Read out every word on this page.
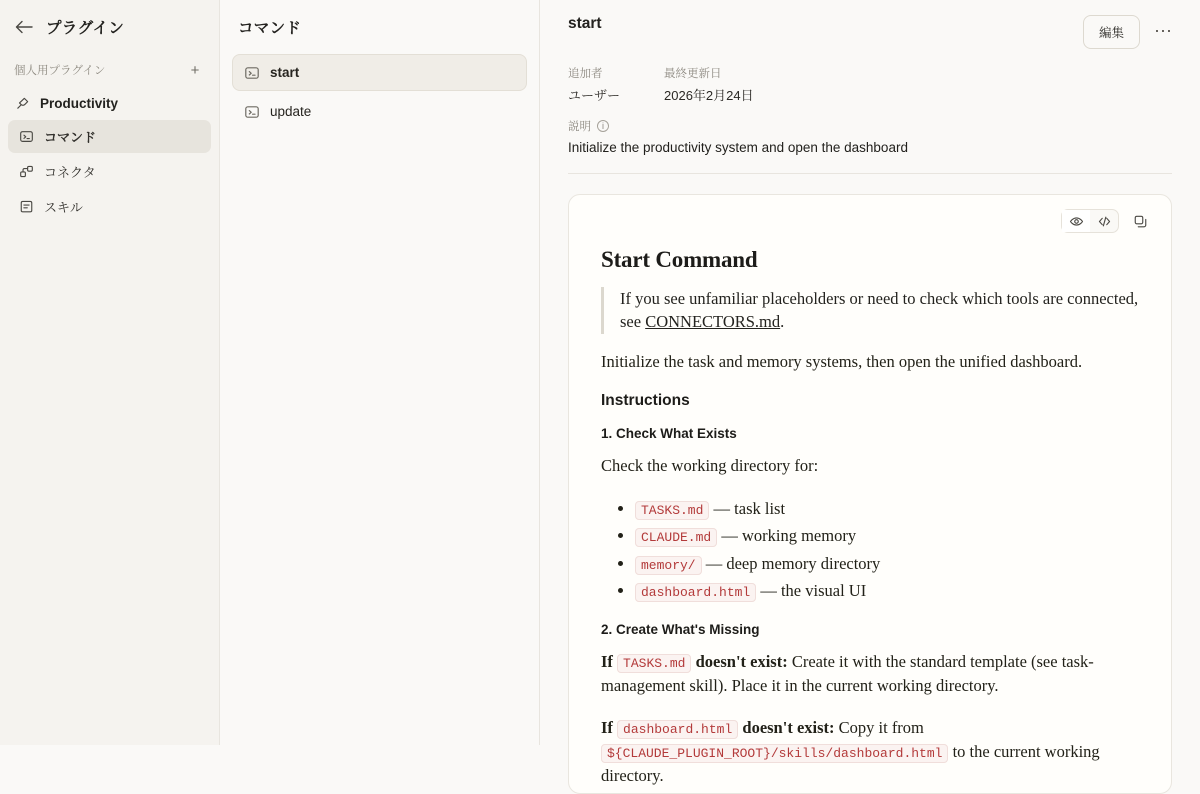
プラグイン
個人用プラグイン	+
Productivity
コマンド
コネクタ
スキル
コマンド
start
update
start
編集	···
追加者
ユーザー
最終更新日
2026年2月24日
説明	i
Initialize the productivity system and open the dashboard
Start Command
If you see unfamiliar placeholders or need to check which tools are connected, see CONNECTORS.md.

Initialize the task and memory systems, then open the unified dashboard.

Instructions
1. Check What Exists

Check the working directory for:

• TASKS.md — task list
• CLAUDE.md — working memory
• memory/ — deep memory directory
• dashboard.html — the visual UI
2. Create What's Missing

If TASKS.md doesn't exist: Create it with the standard template (see task-management skill). Place it in the current working directory.

If dashboard.html doesn't exist: Copy it from ${CLAUDE_PLUGIN_ROOT}/skills/dashboard.html to the current working directory.
